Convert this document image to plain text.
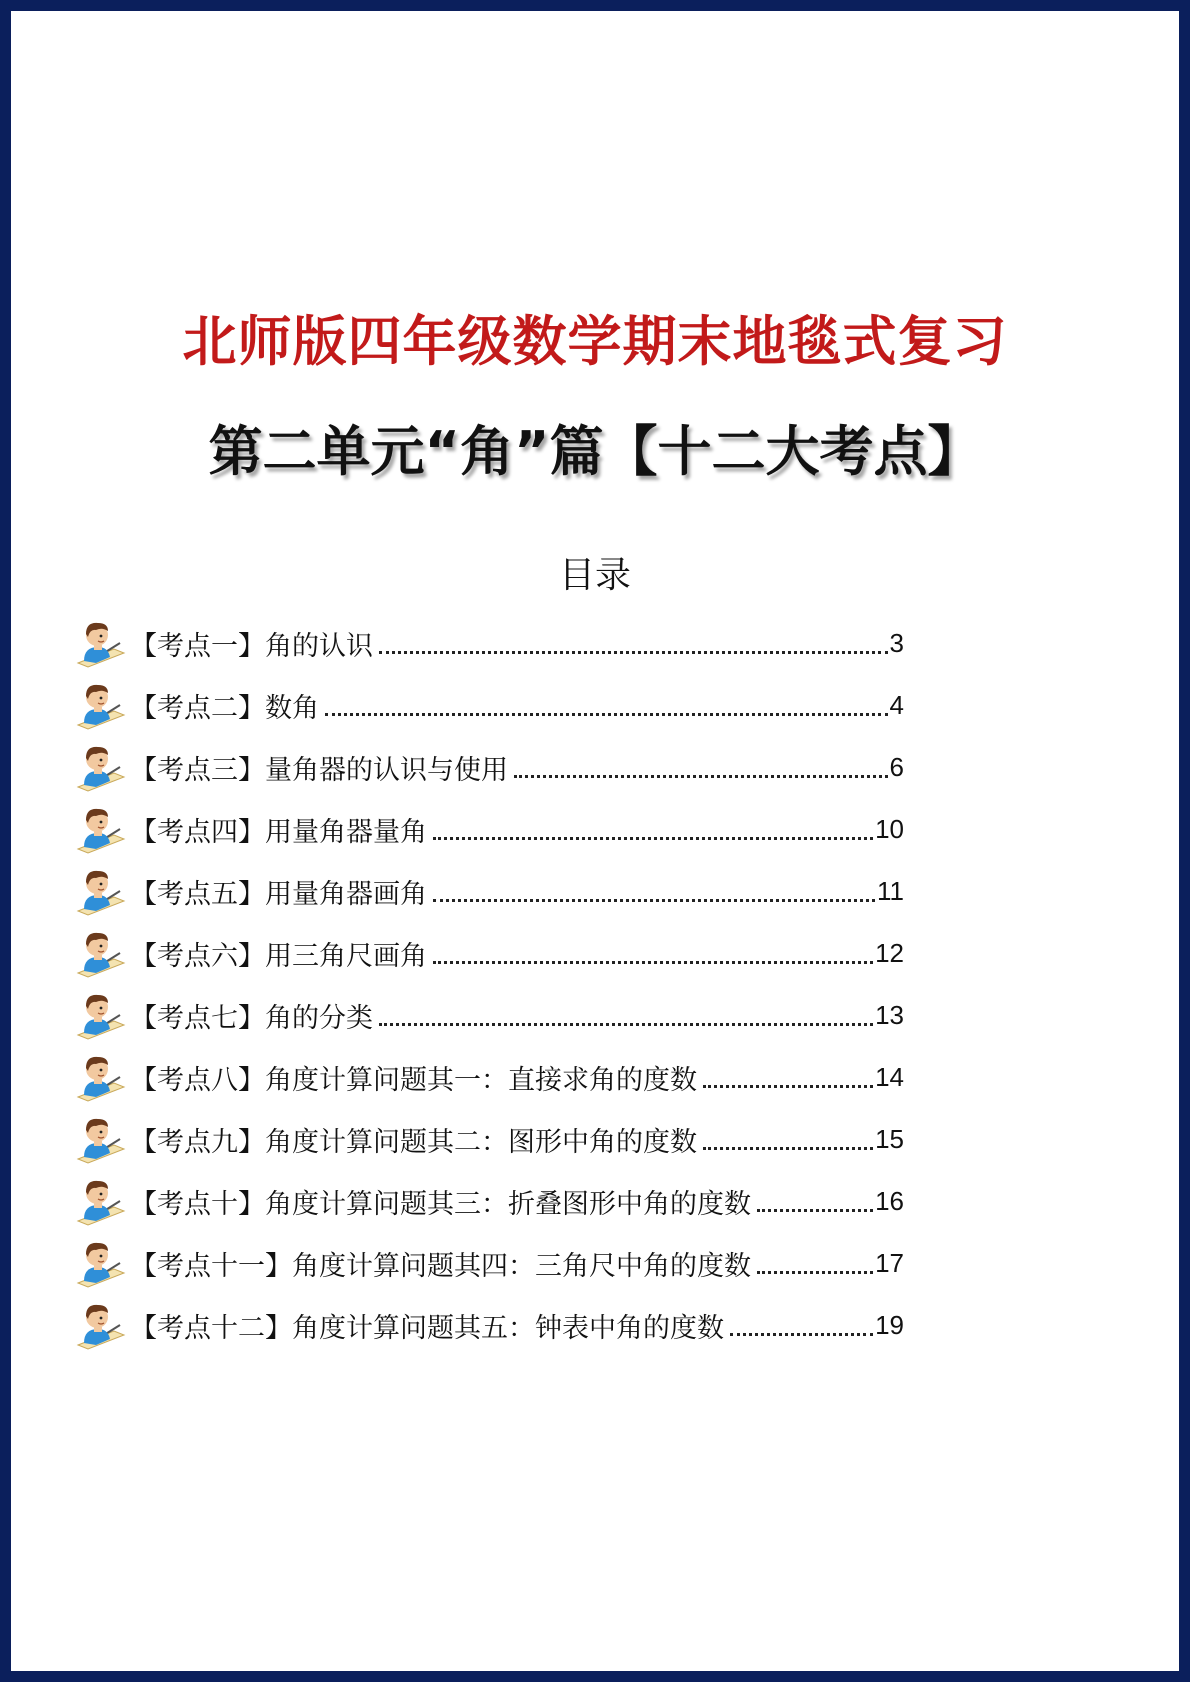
北师版四年级数学期末地毯式复习
第二单元“角”篇【十二大考点】
目录
【考点一】角的认识	3
【考点二】数角	4
【考点三】量角器的认识与使用	6
【考点四】用量角器量角	10
【考点五】用量角器画角	11
【考点六】用三角尺画角	12
【考点七】角的分类	13
【考点八】角度计算问题其一：直接求角的度数	14
【考点九】角度计算问题其二：图形中角的度数	15
【考点十】角度计算问题其三：折叠图形中角的度数	16
【考点十一】角度计算问题其四：三角尺中角的度数	17
【考点十二】角度计算问题其五：钟表中角的度数	19
